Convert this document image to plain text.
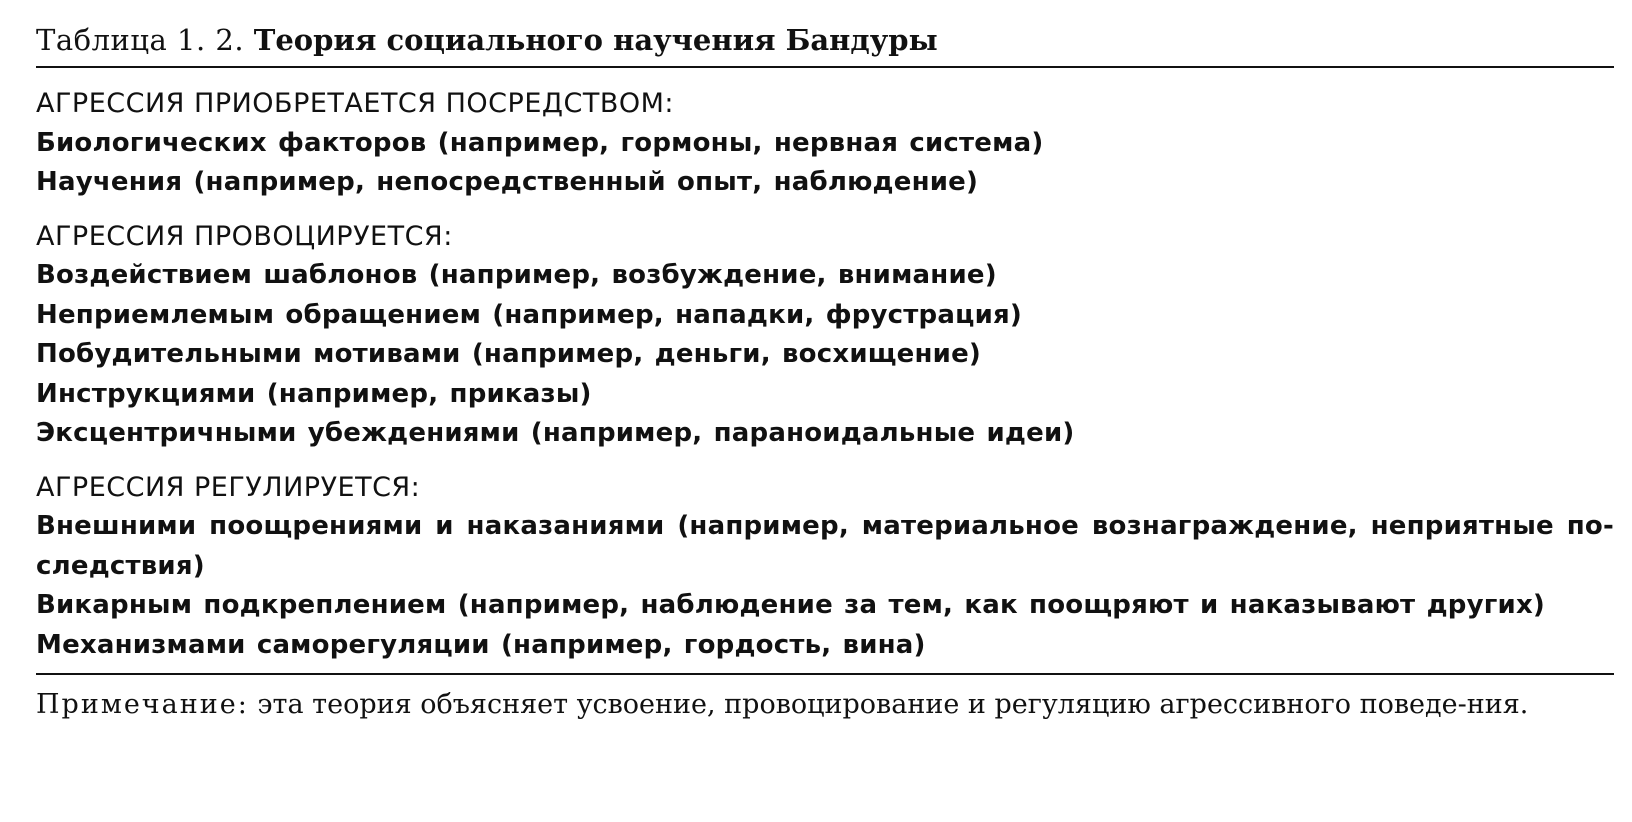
Таблица 1. 2. Теория социального научения Бандуры
АГРЕССИЯ ПРИОБРЕТАЕТСЯ ПОСРЕДСТВОМ:
Биологических факторов (например, гормоны, нервная система)
Научения (например, непосредственный опыт, наблюдение)
АГРЕССИЯ ПРОВОЦИРУЕТСЯ:
Воздействием шаблонов (например, возбуждение, внимание)
Неприемлемым обращением (например, нападки, фрустрация)
Побудительными мотивами (например, деньги, восхищение)
Инструкциями (например, приказы)
Эксцентричными убеждениями (например, параноидальные идеи)
АГРЕССИЯ РЕГУЛИРУЕТСЯ:
Внешними поощрениями и наказаниями (например, материальное вознаграждение, неприятные по-следствия)
Викарным подкреплением (например, наблюдение за тем, как поощряют и наказывают других)
Механизмами саморегуляции (например, гордость, вина)
Примечание: эта теория объясняет усвоение, провоцирование и регуляцию агрессивного поведе-ния.
